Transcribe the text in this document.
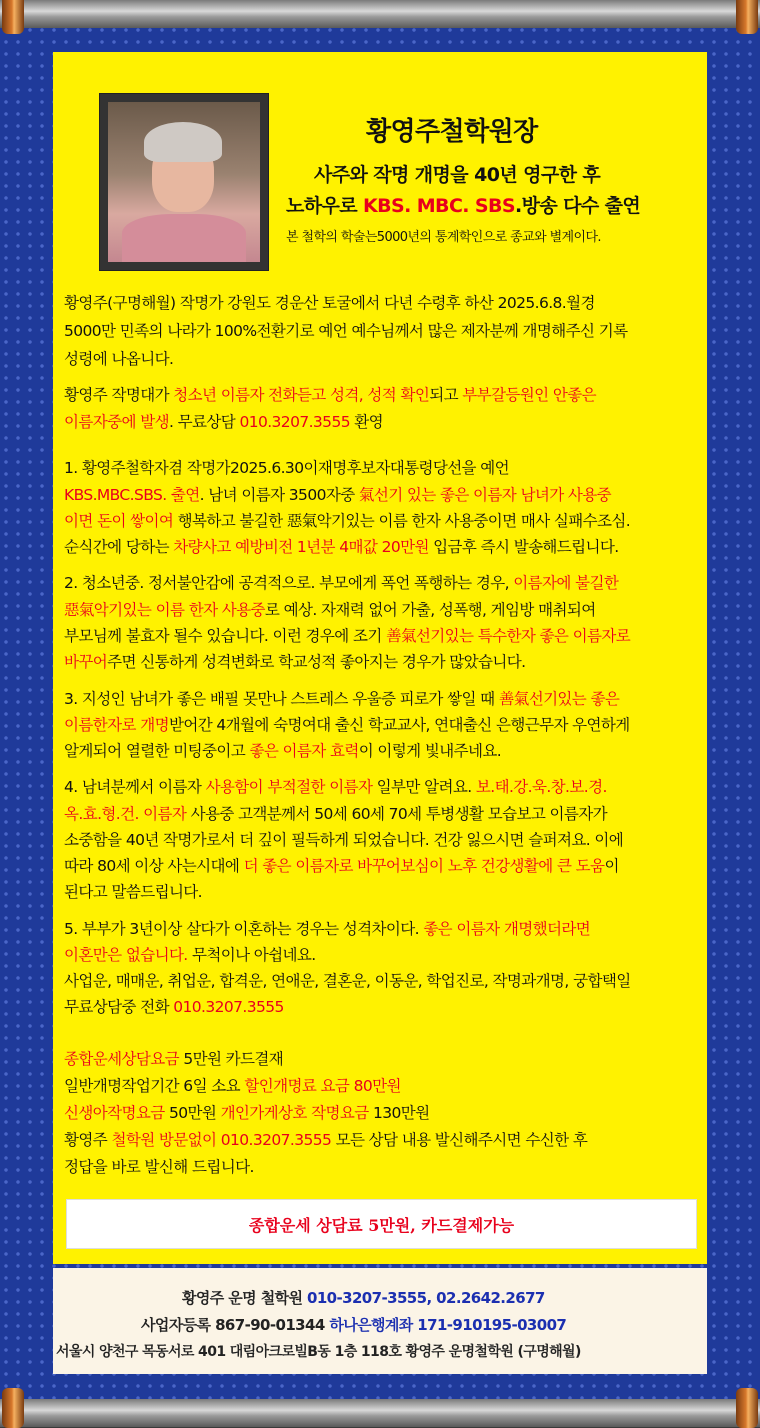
황영주철학원장
사주와 작명 개명을 40년 영구한 후
노하우로 KBS. MBC. SBS.방송 다수 출연
본 철학의 학술는5000년의 통계학인으로 종교와 별계이다.
황영주(구명해월) 작명가 강원도 경운산 토굴에서 다년 수령후 하산 2025.6.8.월경
5000만 민족의 나라가 100%전환기로 예언 예수님께서 많은 제자분께 개명해주신 기록
성령에 나옵니다.
황영주 작명대가 청소년 이름자 전화듣고 성격, 성적 확인되고 부부갈등원인 안좋은
이름자중에 발생. 무료상담 010.3207.3555 환영
1. 황영주철학자겸 작명가2025.6.30이재명후보자대통령당선을 예언
KBS.MBC.SBS. 출연. 남녀 이름자 3500자중 氣선기 있는 좋은 이름자 남녀가 사용중
이면 돈이 쌓이여 행복하고 불길한 惡氣악기있는 이름 한자 사용중이면 매사 실패수조심.
순식간에 당하는 차량사고 예방비전 1년분 4매값 20만원 입금후 즉시 발송해드립니다.
2. 청소년중. 정서불안감에 공격적으로. 부모에게 폭언 폭행하는 경우, 이름자에 불길한
惡氣악기있는 이름 한자 사용중로 예상. 자재력 없어 가출, 성폭행, 게임방 매취되여
부모님께 불효자 될수 있습니다. 이런 경우에 조기 善氣선기있는 특수한자 좋은 이름자로
바꾸어주면 신통하게 성격변화로 학교성적 좋아지는 경우가 많았습니다.
3. 지성인 남녀가 좋은 배필 못만나 스트레스 우울증 피로가 쌓일 때 善氣선기있는 좋은
이름한자로 개명받어간 4개월에 숙명여대 출신 학교교사, 연대출신 은행근무자 우연하게
알게되어 열렬한 미팅중이고 좋은 이름자 효력이 이렇게 빛내주네요.
4. 남녀분께서 이름자 사용함이 부적절한 이름자 일부만 알려요. 보.태.강.욱.창.보.경.
옥.효.형.건. 이름자 사용중 고객분께서 50세 60세 70세 투병생활 모습보고 이름자가
소중함을 40년 작명가로서 더 깊이 필득하게 되었습니다. 건강 잃으시면 슬퍼져요. 이에
따라 80세 이상 사는시대에 더 좋은 이름자로 바꾸어보심이 노후 건강생활에 큰 도움이
된다고 말씀드립니다.
5. 부부가 3년이상 살다가 이혼하는 경우는 성격차이다. 좋은 이름자 개명했더라면
이혼만은 없습니다. 무척이나 아쉽네요.
사업운, 매매운, 취업운, 합격운, 연애운, 결혼운, 이동운, 학업진로, 작명과개명, 궁합택일
무료상담중 전화 010.3207.3555
종합운세상담요금 5만원 카드결재
일반개명작업기간 6일 소요 할인개명료 요금 80만원
신생아작명요금 50만원 개인가게상호 작명요금 130만원
황영주 철학원 방문없이 010.3207.3555 모든 상담 내용 발신해주시면 수신한 후
정답을 바로 발신해 드립니다.
종합운세 상담료 5만원, 카드결제가능
황영주 운명 철학원 010-3207-3555, 02.2642.2677
사업자등록 867-90-01344 하나은행계좌 171-910195-03007
서울시 양천구 목동서로 401 대림아크로빌B동 1층 118호 황영주 운명철학원 (구명해월)
